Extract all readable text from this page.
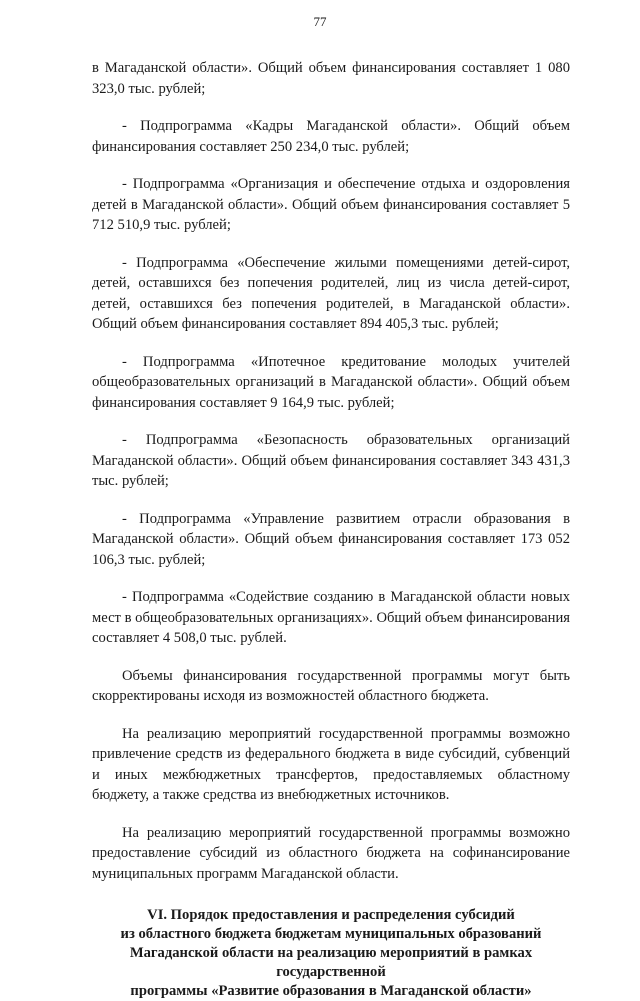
77

в Магаданской области». Общий объем финансирования составляет 1 080 323,0 тыс. рублей;

- Подпрограмма «Кадры Магаданской области». Общий объем финансирования составляет 250 234,0 тыс. рублей;

- Подпрограмма «Организация и обеспечение отдыха и оздоровления детей в Магаданской области». Общий объем финансирования составляет 5 712 510,9 тыс. рублей;

- Подпрограмма «Обеспечение жилыми помещениями детей-сирот, детей, оставшихся без попечения родителей, лиц из числа детей-сирот, детей, оставшихся без попечения родителей, в Магаданской области». Общий объем финансирования составляет 894 405,3 тыс. рублей;

- Подпрограмма «Ипотечное кредитование молодых учителей общеобразовательных организаций в Магаданской области». Общий объем финансирования составляет 9 164,9 тыс. рублей;

- Подпрограмма «Безопасность образовательных организаций Магаданской области». Общий объем финансирования составляет 343 431,3 тыс. рублей;

- Подпрограмма «Управление развитием отрасли образования в Магаданской области». Общий объем финансирования составляет 173 052 106,3 тыс. рублей;

- Подпрограмма «Содействие созданию в Магаданской области новых мест в общеобразовательных организациях». Общий объем финансирования составляет 4 508,0 тыс. рублей.

Объемы финансирования государственной программы могут быть скорректированы исходя из возможностей областного бюджета.

На реализацию мероприятий государственной программы возможно привлечение средств из федерального бюджета в виде субсидий, субвенций и иных межбюджетных трансфертов, предоставляемых областному бюджету, а также средства из внебюджетных источников.

На реализацию мероприятий государственной программы возможно предоставление субсидий из областного бюджета на софинансирование муниципальных программ Магаданской области.

VI. Порядок предоставления и распределения субсидий
из областного бюджета бюджетам муниципальных образований
Магаданской области на реализацию мероприятий в рамках
государственной
программы «Развитие образования в Магаданской области»
